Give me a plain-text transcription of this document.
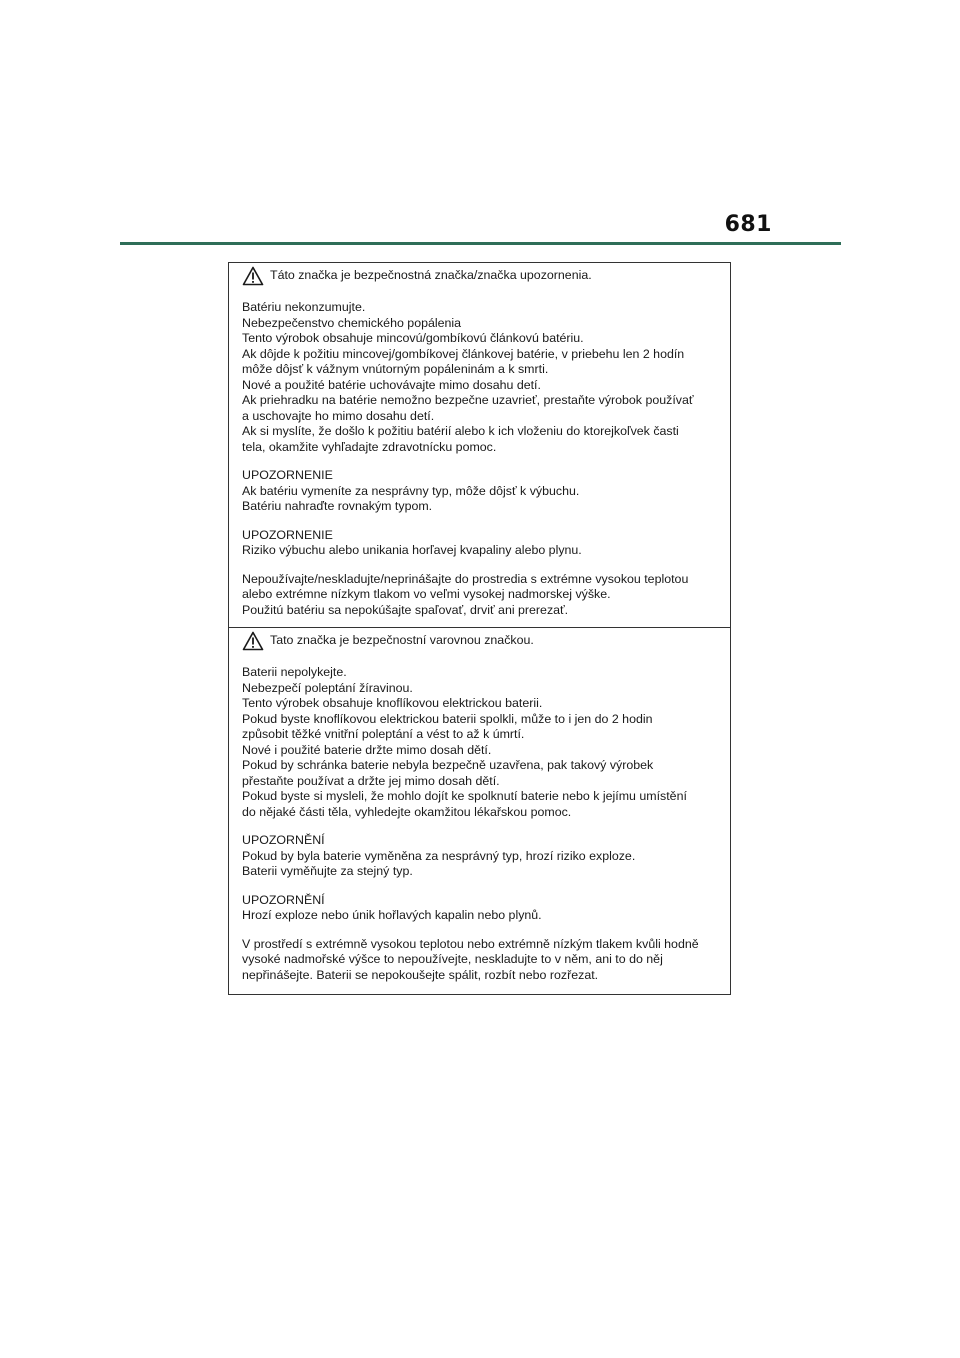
681
Táto značka je bezpečnostná značka/značka upozornenia.
Batériu nekonzumujte.
Nebezpečenstvo chemického popálenia
Tento výrobok obsahuje mincovú/gombíkovú článkovú batériu.
Ak dôjde k požitiu mincovej/gombíkovej článkovej batérie, v priebehu len 2 hodín
môže dôjsť k vážnym vnútorným popáleninám a k smrti.
Nové a použité batérie uchovávajte mimo dosahu detí.
Ak priehradku na batérie nemožno bezpečne uzavrieť, prestaňte výrobok používať
a uschovajte ho mimo dosahu detí.
Ak si myslíte, že došlo k požitiu batérií alebo k ich vloženiu do ktorejkoľvek časti
tela, okamžite vyhľadajte zdravotnícku pomoc.
UPOZORNENIE
Ak batériu vymeníte za nesprávny typ, môže dôjsť k výbuchu.
Batériu nahraďte rovnakým typom.
UPOZORNENIE
Riziko výbuchu alebo unikania horľavej kvapaliny alebo plynu.
Nepoužívajte/neskladujte/neprinášajte do prostredia s extrémne vysokou teplotou
alebo extrémne nízkym tlakom vo veľmi vysokej nadmorskej výške.
Použitú batériu sa nepokúšajte spaľovať, drviť ani prerezať.
Tato značka je bezpečnostní varovnou značkou.
Baterii nepolykejte.
Nebezpečí poleptání žíravinou.
Tento výrobek obsahuje knoflíkovou elektrickou baterii.
Pokud byste knoflíkovou elektrickou baterii spolkli, může to i jen do 2 hodin
způsobit těžké vnitřní poleptání a vést to až k úmrtí.
Nové i použité baterie držte mimo dosah dětí.
Pokud by schránka baterie nebyla bezpečně uzavřena, pak takový výrobek
přestaňte používat a držte jej mimo dosah dětí.
Pokud byste si mysleli, že mohlo dojít ke spolknutí baterie nebo k jejímu umístění
do nějaké části těla, vyhledejte okamžitou lékařskou pomoc.
UPOZORNĚNÍ
Pokud by byla baterie vyměněna za nesprávný typ, hrozí riziko exploze.
Baterii vyměňujte za stejný typ.
UPOZORNĚNÍ
Hrozí exploze nebo únik hořlavých kapalin nebo plynů.
V prostředí s extrémně vysokou teplotou nebo extrémně nízkým tlakem kvůli hodně
vysoké nadmořské výšce to nepoužívejte, neskladujte to v něm, ani to do něj
nepřinášejte. Baterii se nepokoušejte spálit, rozbít nebo rozřezat.
